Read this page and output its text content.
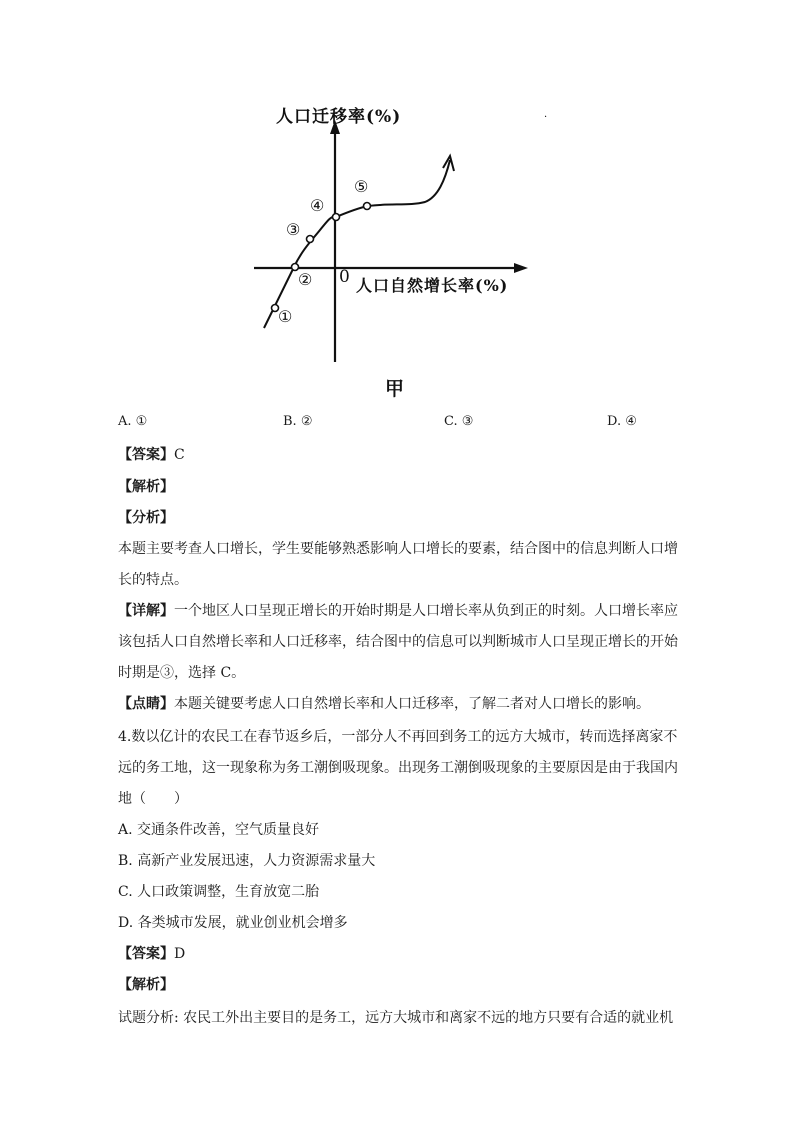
人口迁移率(%)
人口自然增长率(%)
0
①
②
③
④
⑤
·
甲
A. ①	B. ②	C. ③	D. ④
【答案】C
【解析】
【分析】
本题主要考查人口增长，学生要能够熟悉影响人口增长的要素，结合图中的信息判断人口增
长的特点。
【详解】一个地区人口呈现正增长的开始时期是人口增长率从负到正的时刻。人口增长率应
该包括人口自然增长率和人口迁移率，结合图中的信息可以判断城市人口呈现正增长的开始
时期是③，选择 C。
【点睛】本题关键要考虑人口自然增长率和人口迁移率，了解二者对人口增长的影响。
4.数以亿计的农民工在春节返乡后，一部分人不再回到务工的远方大城市，转而选择离家不
远的务工地，这一现象称为务工潮倒吸现象。出现务工潮倒吸现象的主要原因是由于我国内
地（　　）
A. 交通条件改善，空气质量良好
B. 高新产业发展迅速，人力资源需求量大
C. 人口政策调整，生育放宽二胎
D. 各类城市发展，就业创业机会增多
【答案】D
【解析】
试题分析: 农民工外出主要目的是务工，远方大城市和离家不远的地方只要有合适的就业机
